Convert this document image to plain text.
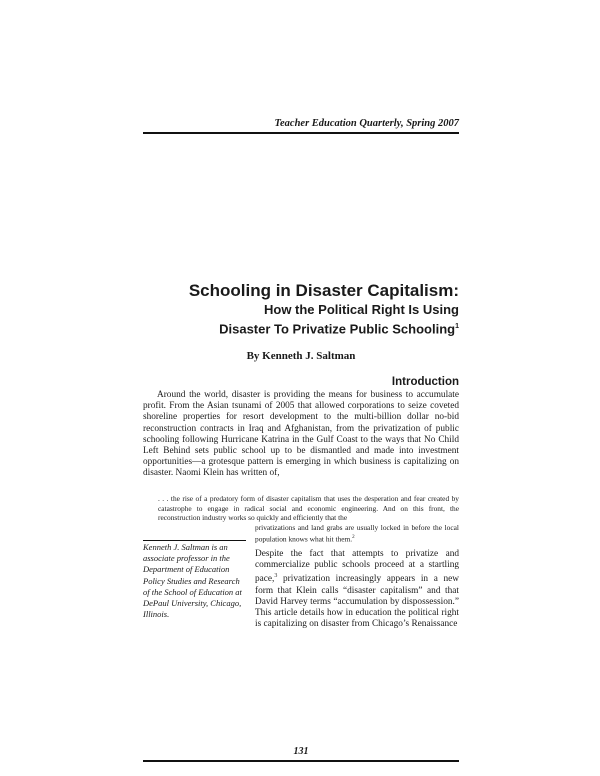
Teacher Education Quarterly, Spring 2007
Schooling in Disaster Capitalism:
How the Political Right Is Using
Disaster To Privatize Public Schooling$^1$
By Kenneth J. Saltman
Introduction

Around the world, disaster is providing the means for business to accumulate profit. From the Asian tsunami of 2005 that allowed corporations to seize coveted shoreline properties for resort development to the multi-billion dollar no-bid reconstruction contracts in Iraq and Afghanistan, from the privatization of public schooling following Hurricane Katrina in the Gulf Coast to the ways that No Child Left Behind sets public school up to be dismantled and made into investment opportunities—a grotesque pattern is emerging in which business is capitalizing on disaster. Naomi Klein has written of,

. . . the rise of a predatory form of disaster capitalism that uses the desperation and fear created by catastrophe to engage in radical social and economic engineering. And on this front, the reconstruction industry works so quickly and efficiently that the

privatizations and land grabs are usually locked in before the local population knows what hit them.$^2$

Kenneth J. Saltman is an associate professor in the Department of Education Policy Studies and Research of the School of Education at DePaul University, Chicago, Illinois.

Despite the fact that attempts to privatize and commercialize public schools proceed at a startling pace,$^3$ privatization increasingly appears in a new form that Klein calls “disaster capitalism” and that David Harvey terms “accumulation by dispossession.” This article details how in education the political right is capitalizing on disaster from Chicago’s Renaissance

131
